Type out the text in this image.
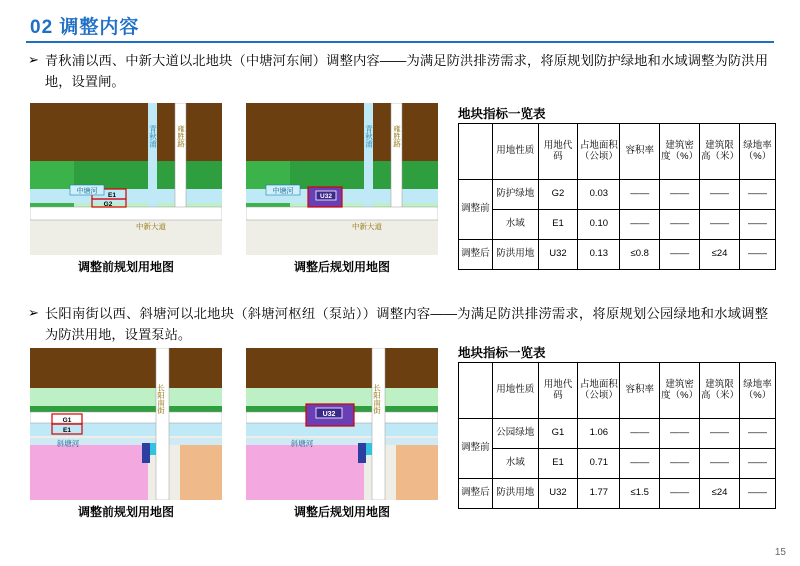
02 调整内容
➢ 青秋浦以西、中新大道以北地块（中塘河东闸）调整内容——为满足防洪排涝需求，将原规划防护绿地和水域调整为防洪用地，设置闸。
E1
G2
中塘河
中新大道
青秋浦	雍胜路
调整前规划用地图
U32
中新大道
中塘河
青秋浦	雍胜路
调整后规划用地图
地块指标一览表
	用地性质	用地代码	占地面积（公顷）	容积率	建筑密度（%）	建筑限高（米）	绿地率（%）
调整前	防护绿地	G2	0.03	——	——	——	——
	水域	E1	0.10	——	——	——	——
调整后	防洪用地	U32	0.13	≤0.8	——	≤24	——
➢ 长阳南街以西、斜塘河以北地块（斜塘河枢纽（泵站））调整内容——为满足防洪排涝需求，将原规划公园绿地和水域调整为防洪用地，设置泵站。
G1
E1
斜塘河
长阳南街
调整前规划用地图
U32
斜塘河
长阳南街
调整后规划用地图
地块指标一览表
	用地性质	用地代码	占地面积（公顷）	容积率	建筑密度（%）	建筑限高（米）	绿地率（%）
调整前	公园绿地	G1	1.06	——	——	——	——
	水域	E1	0.71	——	——	——	——
调整后	防洪用地	U32	1.77	≤1.5	——	≤24	——
15
